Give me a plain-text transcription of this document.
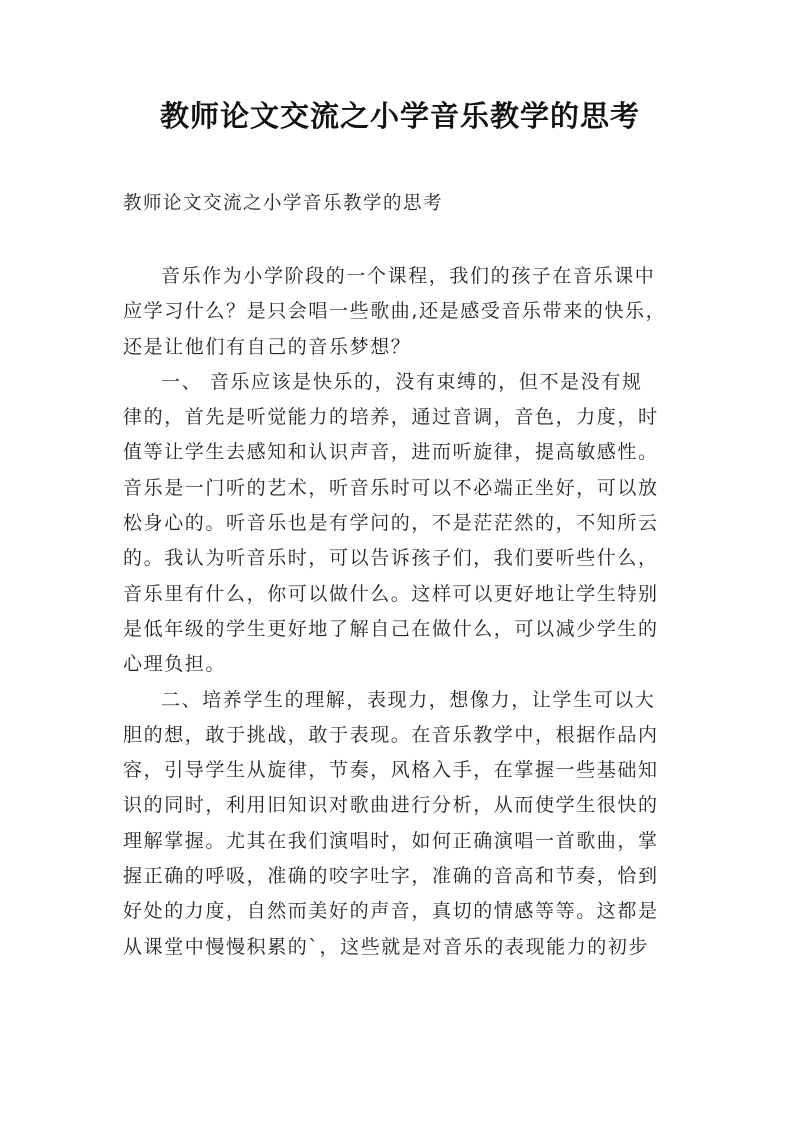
教师论文交流之小学音乐教学的思考

教师论文交流之小学音乐教学的思考

音乐作为小学阶段的一个课程，我们的孩子在音乐课中
应学习什么？是只会唱一些歌曲,还是感受音乐带来的快乐，
还是让他们有自己的音乐梦想？
一、 音乐应该是快乐的，没有束缚的，但不是没有规
律的，首先是听觉能力的培养，通过音调，音色，力度，时
值等让学生去感知和认识声音，进而听旋律，提高敏感性。
音乐是一门听的艺术，听音乐时可以不必端正坐好，可以放
松身心的。听音乐也是有学问的，不是茫茫然的，不知所云
的。我认为听音乐时，可以告诉孩子们，我们要听些什么，
音乐里有什么，你可以做什么。这样可以更好地让学生特别
是低年级的学生更好地了解自己在做什么，可以减少学生的
心理负担。
二、培养学生的理解，表现力，想像力，让学生可以大
胆的想，敢于挑战，敢于表现。在音乐教学中，根据作品内
容，引导学生从旋律，节奏，风格入手，在掌握一些基础知
识的同时，利用旧知识对歌曲进行分析，从而使学生很快的
理解掌握。尤其在我们演唱时，如何正确演唱一首歌曲，掌
握正确的呼吸，准确的咬字吐字，准确的音高和节奏，恰到
好处的力度，自然而美好的声音，真切的情感等等。这都是
从课堂中慢慢积累的`，这些就是对音乐的表现能力的初步
